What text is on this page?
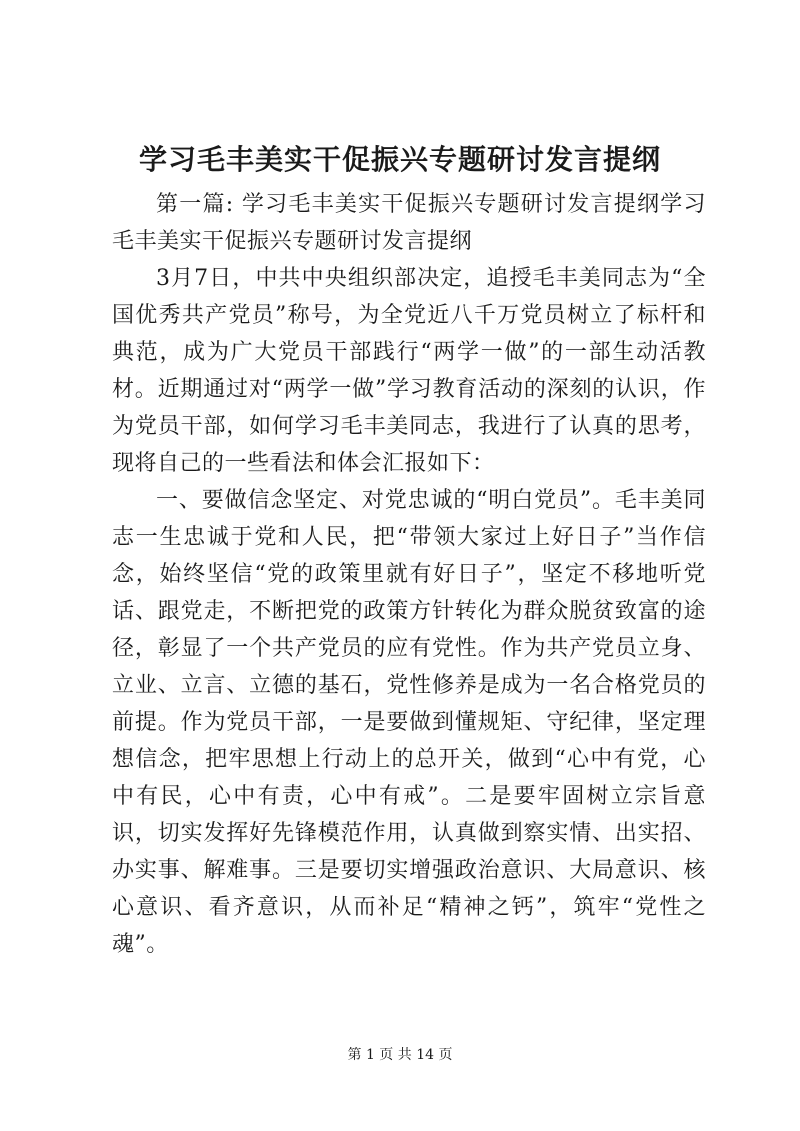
学习毛丰美实干促振兴专题研讨发言提纲

第一篇: 学习毛丰美实干促振兴专题研讨发言提纲学习毛丰美实干促振兴专题研讨发言提纲

3月7日，中共中央组织部决定，追授毛丰美同志为“全国优秀共产党员”称号，为全党近八千万党员树立了标杆和典范，成为广大党员干部践行“两学一做”的一部生动活教材。近期通过对“两学一做”学习教育活动的深刻的认识，作为党员干部，如何学习毛丰美同志，我进行了认真的思考，现将自己的一些看法和体会汇报如下：

一、要做信念坚定、对党忠诚的“明白党员”。毛丰美同志一生忠诚于党和人民，把“带领大家过上好日子”当作信念，始终坚信“党的政策里就有好日子”，坚定不移地听党话、跟党走，不断把党的政策方针转化为群众脱贫致富的途径，彰显了一个共产党员的应有党性。作为共产党员立身、立业、立言、立德的基石，党性修养是成为一名合格党员的前提。作为党员干部，一是要做到懂规矩、守纪律，坚定理想信念，把牢思想上行动上的总开关，做到“心中有党，心中有民，心中有责，心中有戒”。二是要牢固树立宗旨意识，切实发挥好先锋模范作用，认真做到察实情、出实招、办实事、解难事。三是要切实增强政治意识、大局意识、核心意识、看齐意识，从而补足“精神之钙”，筑牢“党性之魂”。

第 1 页 共 14 页
